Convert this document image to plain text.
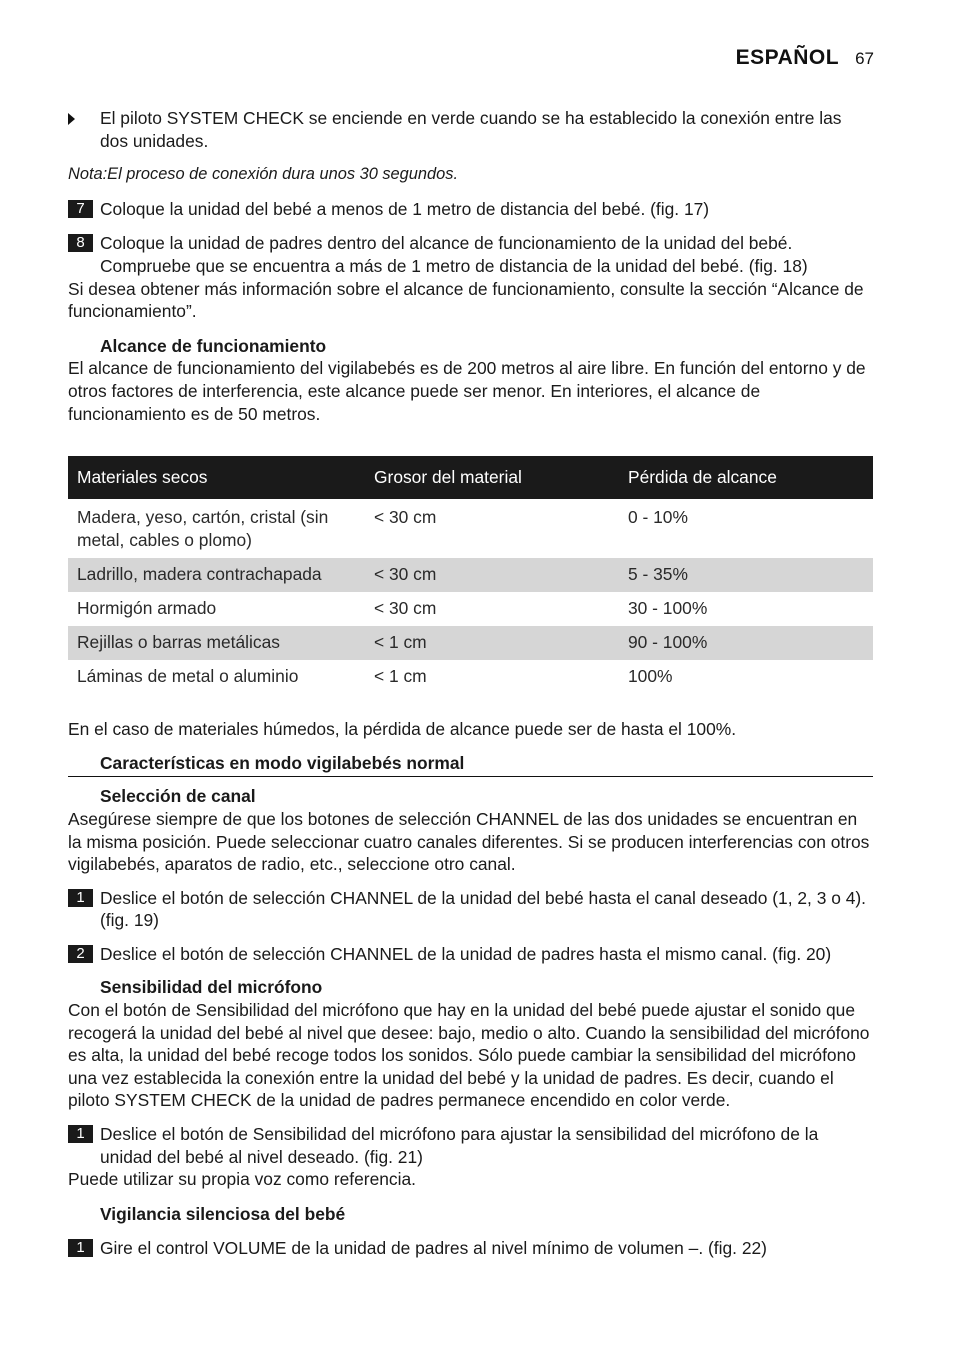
ESPAÑOL 67

El piloto SYSTEM CHECK se enciende en verde cuando se ha establecido la conexión entre las dos unidades.

Nota:El proceso de conexión dura unos 30 segundos.

7 Coloque la unidad del bebé a menos de 1 metro de distancia del bebé. (fig. 17)

8 Coloque la unidad de padres dentro del alcance de funcionamiento de la unidad del bebé. Compruebe que se encuentra a más de 1 metro de distancia de la unidad del bebé. (fig. 18)

Si desea obtener más información sobre el alcance de funcionamiento, consulte la sección “Alcance de funcionamiento”.

Alcance de funcionamiento

El alcance de funcionamiento del vigilabebés es de 200 metros al aire libre. En función del entorno y de otros factores de interferencia, este alcance puede ser menor. En interiores, el alcance de funcionamiento es de 50 metros.

Materiales secos	Grosor del material	Pérdida de alcance
Madera, yeso, cartón, cristal (sin metal, cables o plomo)	< 30 cm	0 - 10%
Ladrillo, madera contrachapada	< 30 cm	5 - 35%
Hormigón armado	< 30 cm	30 - 100%
Rejillas o barras metálicas	< 1 cm	90 - 100%
Láminas de metal o aluminio	< 1 cm	100%

En el caso de materiales húmedos, la pérdida de alcance puede ser de hasta el 100%.

Características en modo vigilabebés normal

Selección de canal

Asegúrese siempre de que los botones de selección CHANNEL de las dos unidades se encuentran en la misma posición. Puede seleccionar cuatro canales diferentes. Si se producen interferencias con otros vigilabebés, aparatos de radio, etc., seleccione otro canal.

1 Deslice el botón de selección CHANNEL de la unidad del bebé hasta el canal deseado (1, 2, 3 o 4). (fig. 19)

2 Deslice el botón de selección CHANNEL de la unidad de padres hasta el mismo canal. (fig. 20)

Sensibilidad del micrófono

Con el botón de Sensibilidad del micrófono que hay en la unidad del bebé puede ajustar el sonido que recogerá la unidad del bebé al nivel que desee: bajo, medio o alto. Cuando la sensibilidad del micrófono es alta, la unidad del bebé recoge todos los sonidos. Sólo puede cambiar la sensibilidad del micrófono una vez establecida la conexión entre la unidad del bebé y la unidad de padres. Es decir, cuando el piloto SYSTEM CHECK de la unidad de padres permanece encendido en color verde.

1 Deslice el botón de Sensibilidad del micrófono para ajustar la sensibilidad del micrófono de la unidad del bebé al nivel deseado. (fig. 21)

Puede utilizar su propia voz como referencia.

Vigilancia silenciosa del bebé

1 Gire el control VOLUME de la unidad de padres al nivel mínimo de volumen –. (fig. 22)
